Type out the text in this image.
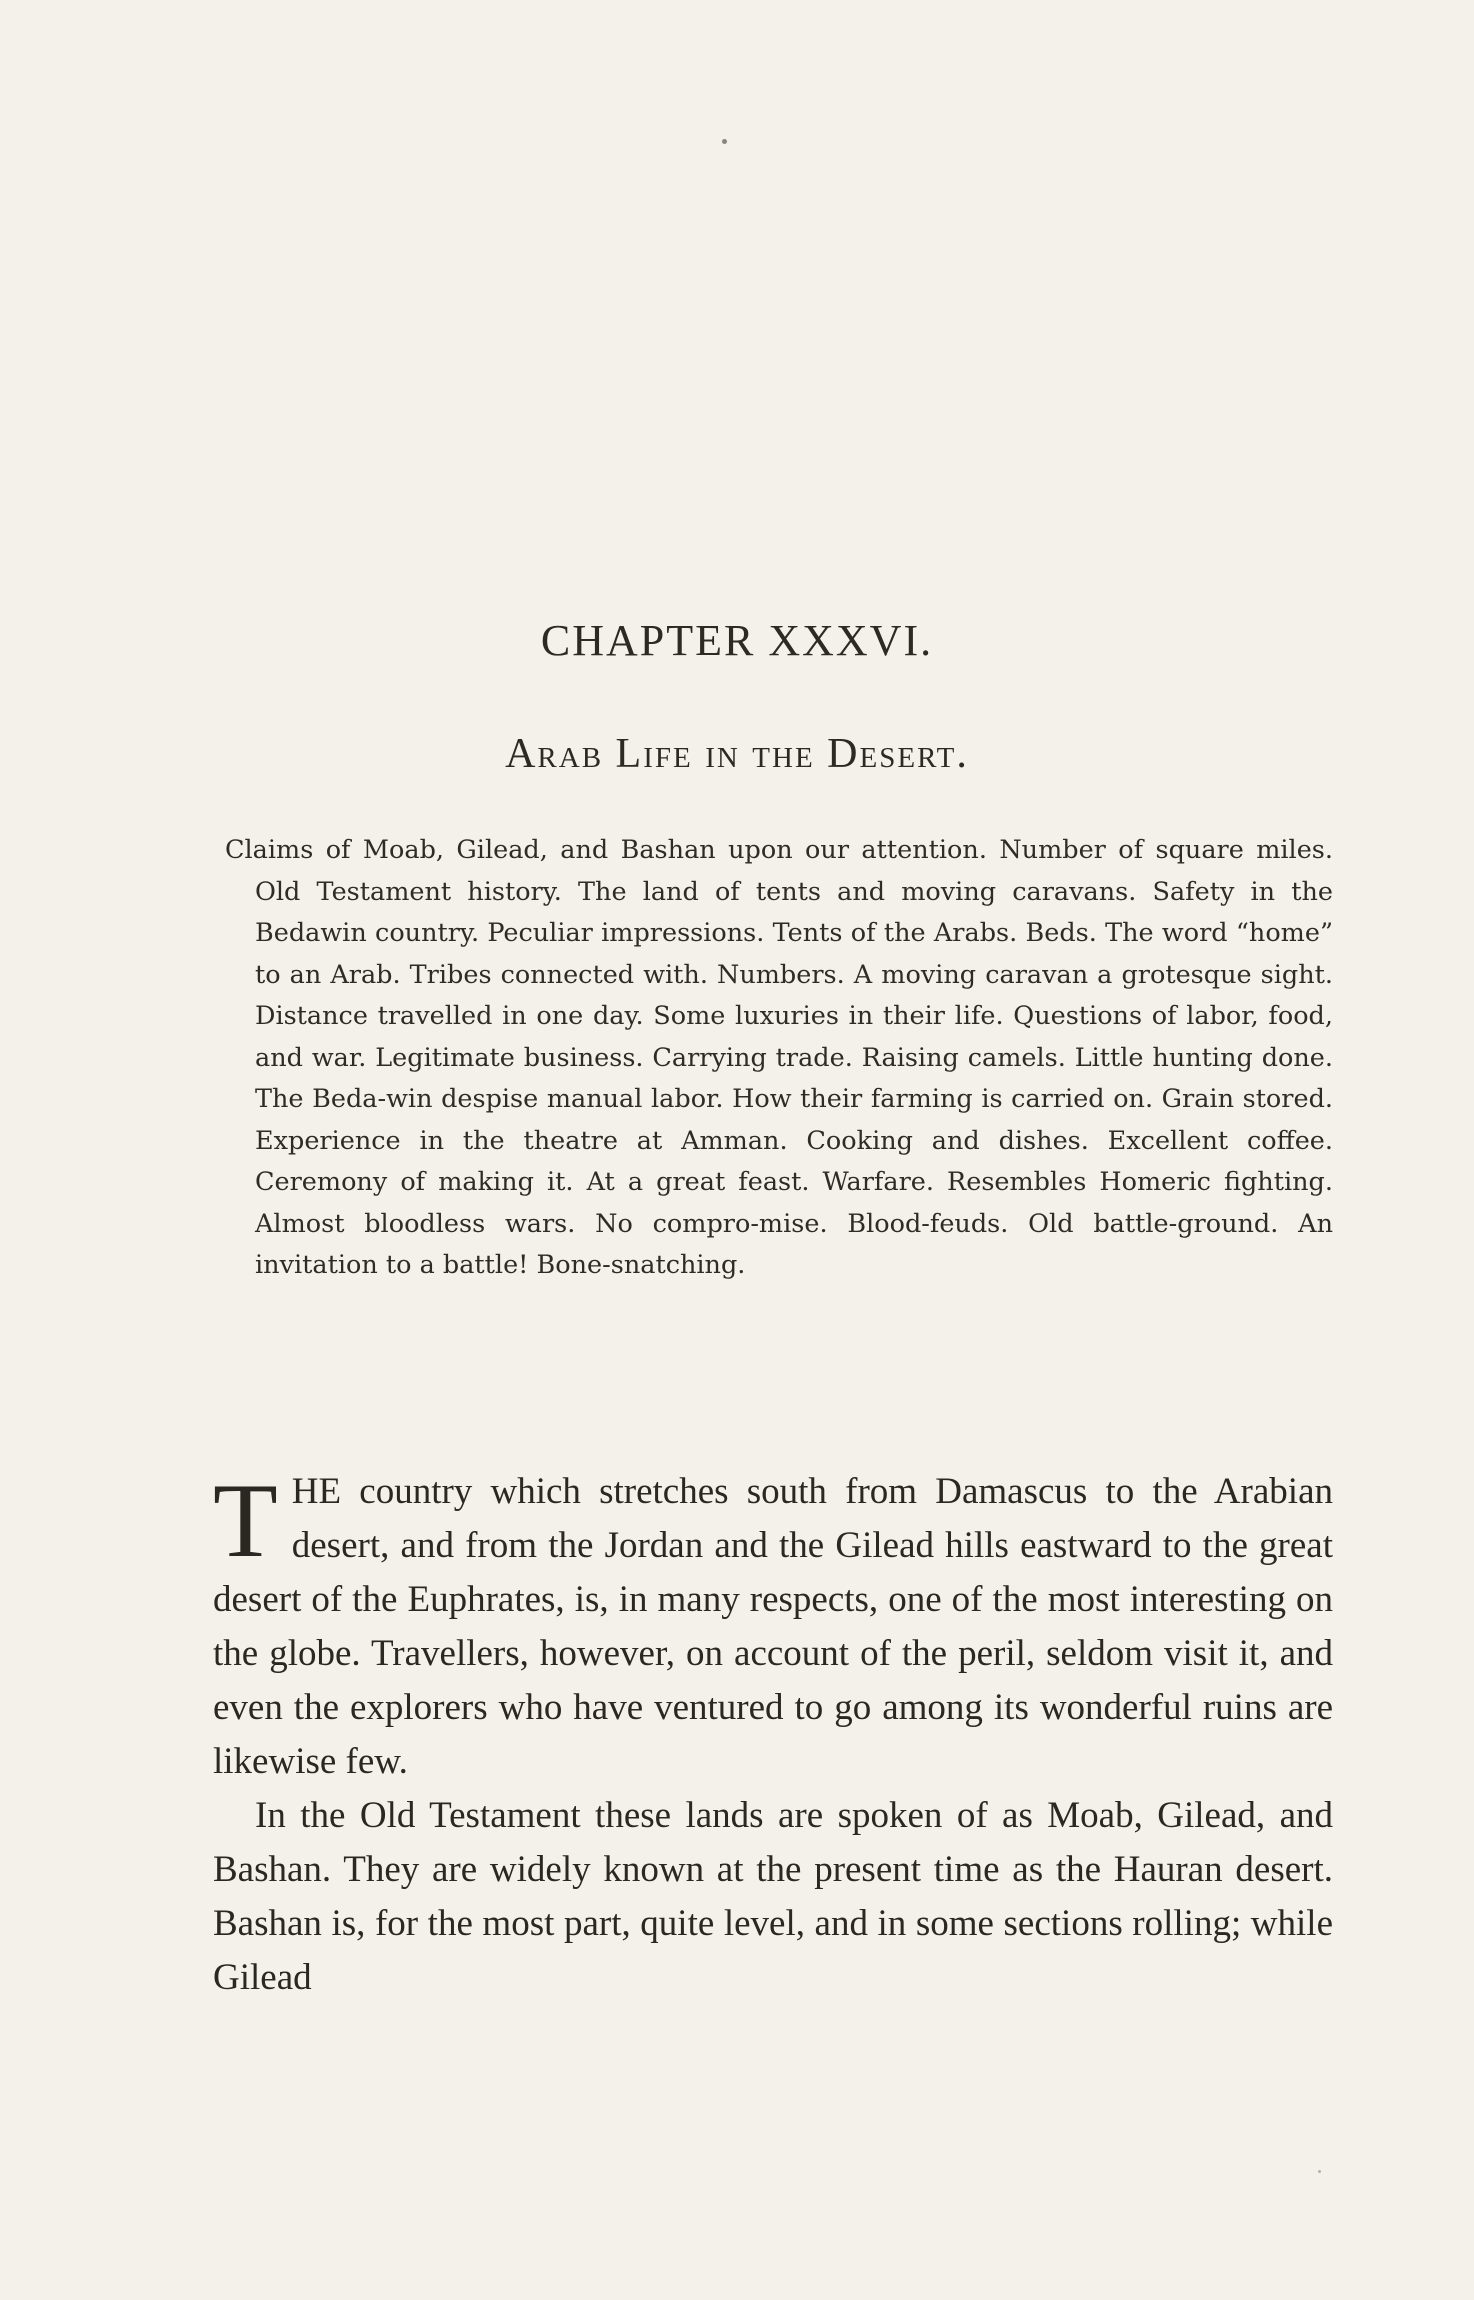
CHAPTER XXXVI.
Arab Life in the Desert.
Claims of Moab, Gilead, and Bashan upon our attention. Number of square miles. Old Testament history. The land of tents and moving caravans. Safety in the Bedawin country. Peculiar impressions. Tents of the Arabs. Beds. The word “home” to an Arab. Tribes connected with. Numbers. A moving caravan a grotesque sight. Distance travelled in one day. Some luxuries in their life. Questions of labor, food, and war. Legitimate business. Carrying trade. Raising camels. Little hunting done. The Beda-win despise manual labor. How their farming is carried on. Grain stored. Experience in the theatre at Amman. Cooking and dishes. Excellent coffee. Ceremony of making it. At a great feast. Warfare. Resembles Homeric fighting. Almost bloodless wars. No compro-mise. Blood-feuds. Old battle-ground. An invitation to a battle! Bone-snatching.

THE country which stretches south from Damascus to the Arabian desert, and from the Jordan and the Gilead hills eastward to the great desert of the Euphrates, is, in many respects, one of the most interesting on the globe. Travellers, however, on account of the peril, seldom visit it, and even the explorers who have ventured to go among its wonderful ruins are likewise few.

In the Old Testament these lands are spoken of as Moab, Gilead, and Bashan. They are widely known at the present time as the Hauran desert. Bashan is, for the most part, quite level, and in some sections rolling; while Gilead
